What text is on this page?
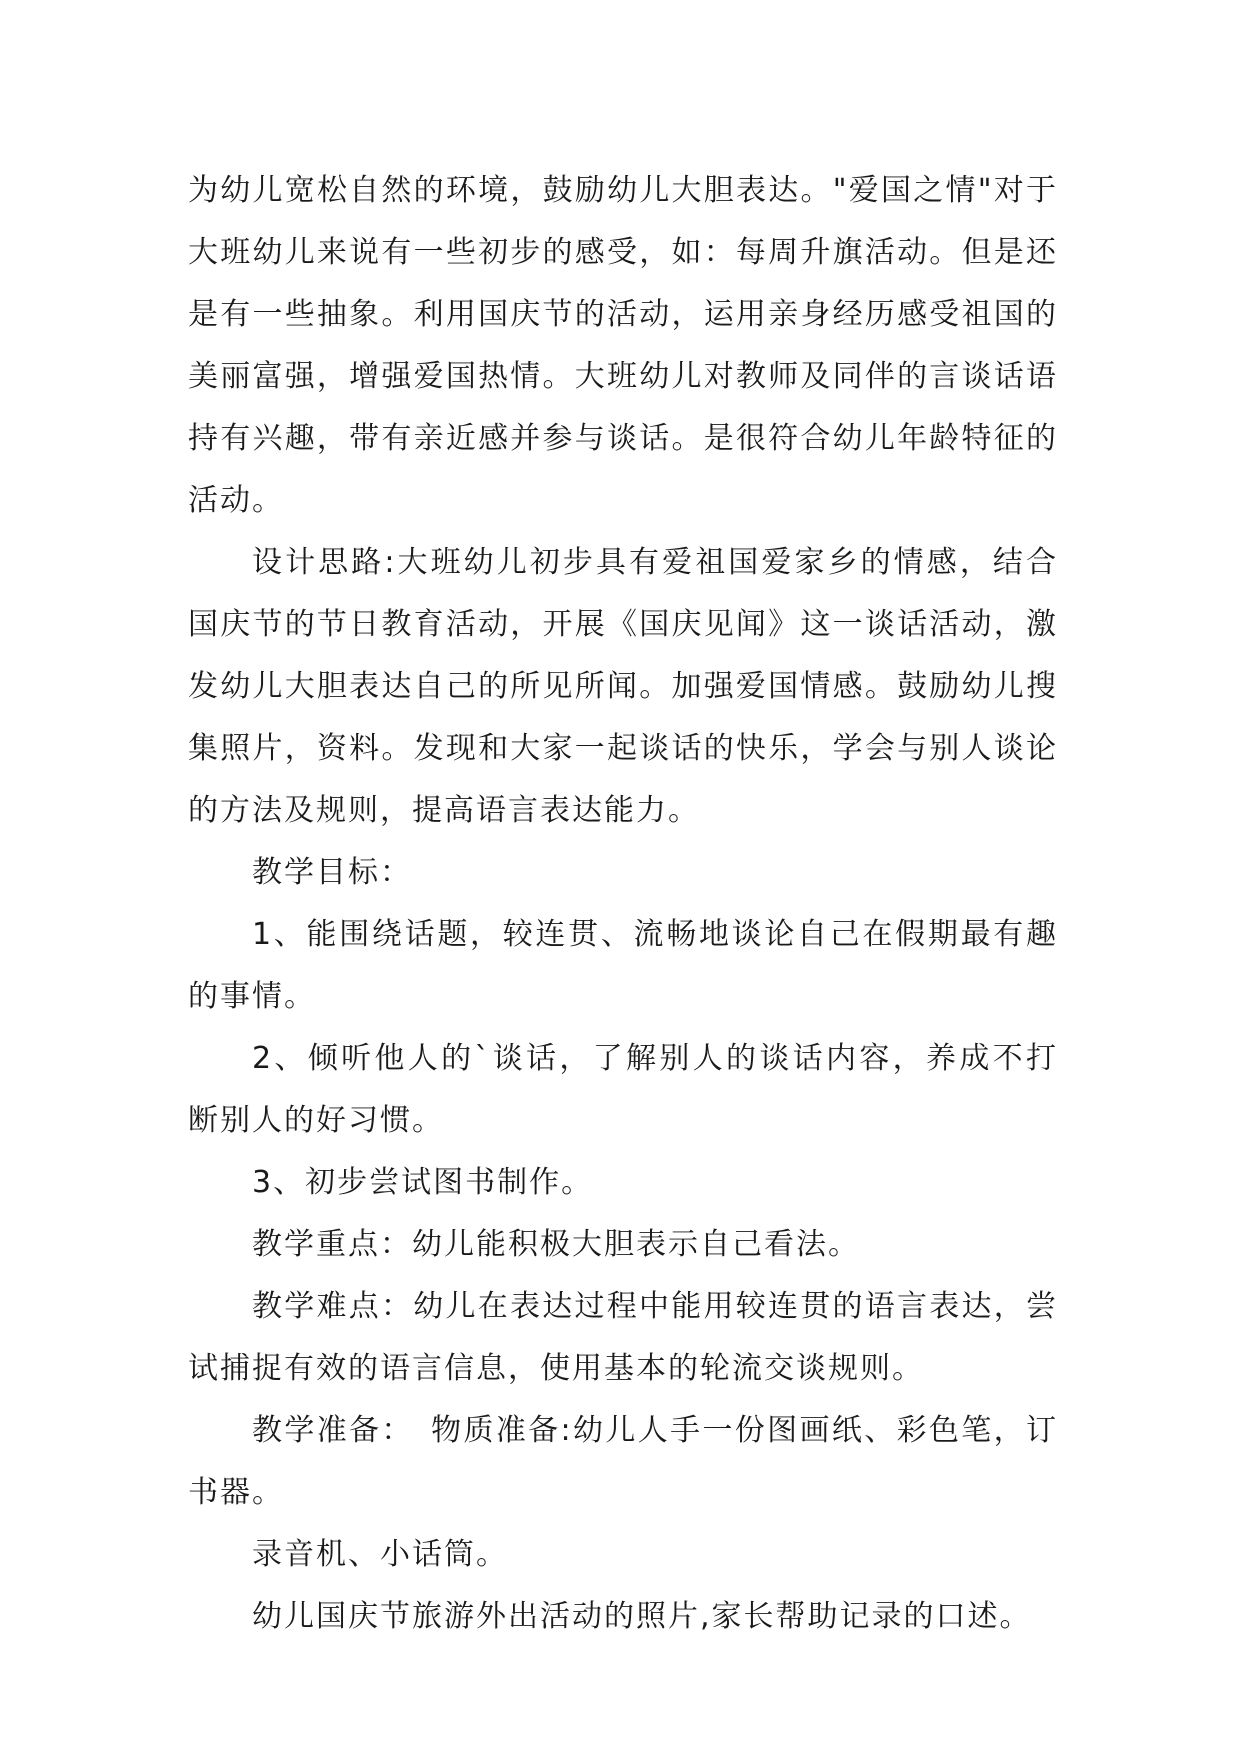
为幼儿宽松自然的环境，鼓励幼儿大胆表达。"爱国之情"对于大班幼儿来说有一些初步的感受，如：每周升旗活动。但是还是有一些抽象。利用国庆节的活动，运用亲身经历感受祖国的美丽富强，增强爱国热情。大班幼儿对教师及同伴的言谈话语持有兴趣，带有亲近感并参与谈话。是很符合幼儿年龄特征的活动。

设计思路:大班幼儿初步具有爱祖国爱家乡的情感，结合国庆节的节日教育活动，开展《国庆见闻》这一谈话活动，激发幼儿大胆表达自己的所见所闻。加强爱国情感。鼓励幼儿搜集照片，资料。发现和大家一起谈话的快乐，学会与别人谈论的方法及规则，提高语言表达能力。

教学目标：

1、能围绕话题，较连贯、流畅地谈论自己在假期最有趣的事情。

2、倾听他人的`谈话，了解别人的谈话内容，养成不打断别人的好习惯。

3、初步尝试图书制作。

教学重点：幼儿能积极大胆表示自己看法。

教学难点：幼儿在表达过程中能用较连贯的语言表达，尝试捕捉有效的语言信息，使用基本的轮流交谈规则。

教学准备：　物质准备:幼儿人手一份图画纸、彩色笔，订书器。

录音机、小话筒。

幼儿国庆节旅游外出活动的照片,家长帮助记录的口述。
